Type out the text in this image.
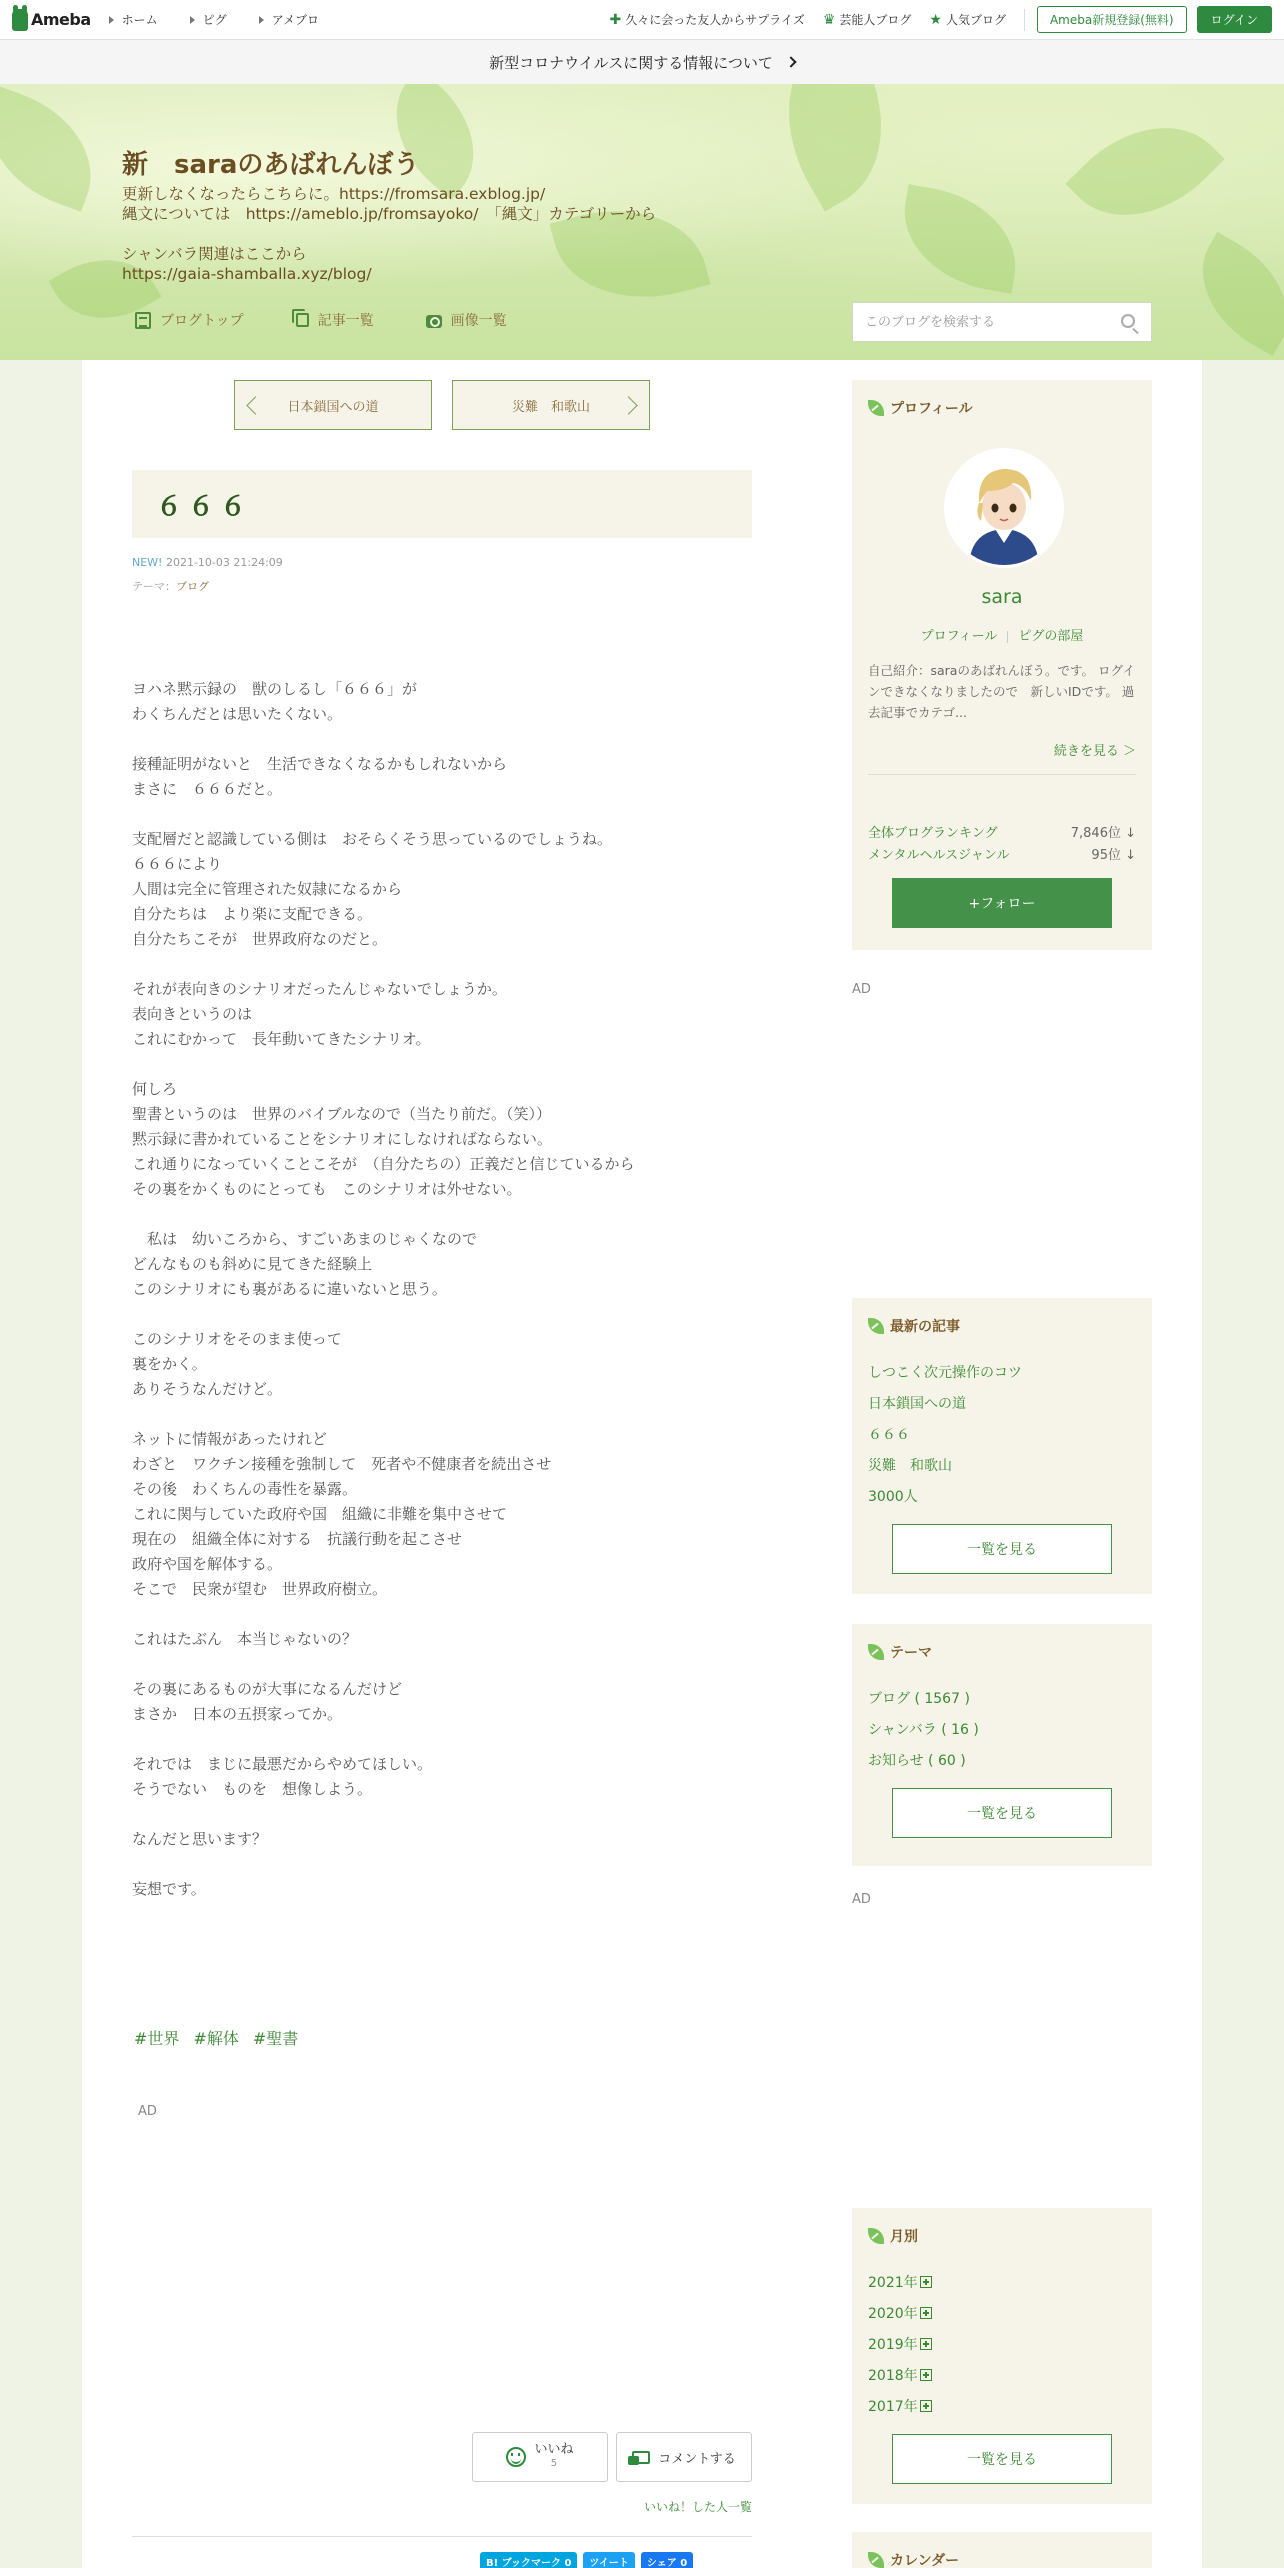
Ameba	ホーム	ピグ	アメブロ	✚ 久々に会った友人からサプライズ ♛ 芸能人ブログ ★ 人気ブログ	Ameba新規登録(無料)	ログイン
新型コロナウイルスに関する情報について
新　saraのあばれんぼう
更新しなくなったらこちらに。https://fromsara.exblog.jp/
縄文については　https://ameblo.jp/fromsayoko/　「縄文」カテゴリーから

シャンバラ関連はここから
https://gaia-shamballa.xyz/blog/
ブログトップ	記事一覧	画像一覧
このブログを検索する
日本鎖国への道	災難　和歌山
６６６
NEW! 2021-10-03 21:24:09
テーマ：ブログ

ヨハネ黙示録の　獣のしるし「６６６」が

わくちんだとは思いたくない。

接種証明がないと　生活できなくなるかもしれないから

まさに　６６６だと。

支配層だと認識している側は　おそらくそう思っているのでしょうね。

６６６により

人間は完全に管理された奴隷になるから

自分たちは　より楽に支配できる。

自分たちこそが　世界政府なのだと。

それが表向きのシナリオだったんじゃないでしょうか。

表向きというのは

これにむかって　長年動いてきたシナリオ。

何しろ

聖書というのは　世界のバイブルなので（当たり前だ。（笑））

黙示録に書かれていることをシナリオにしなければならない。

これ通りになっていくことこそが　（自分たちの）正義だと信じているから

その裏をかくものにとっても　このシナリオは外せない。

　私は　幼いころから、すごいあまのじゃくなので

どんなものも斜めに見てきた経験上

このシナリオにも裏があるに違いないと思う。

このシナリオをそのまま使って

裏をかく。

ありそうなんだけど。

ネットに情報があったけれど

わざと　ワクチン接種を強制して　死者や不健康者を続出させ

その後　わくちんの毒性を暴露。

これに関与していた政府や国　組織に非難を集中させて

現在の　組織全体に対する　抗議行動を起こさせ

政府や国を解体する。

そこで　民衆が望む　世界政府樹立。

これはたぶん　本当じゃないの？

その裏にあるものが大事になるんだけど

まさか　日本の五摂家ってか。

それでは　まじに最悪だからやめてほしい。

そうでない　ものを　想像しよう。

なんだと思います？

妄想です。

#世界 #解体 #聖書
AD
いいね
5	コメントする
いいね！した人一覧
B! ブックマーク 0	ツイート	シェア 0
プロフィール
sara
プロフィール ピグの部屋
自己紹介：saraのあばれんぼう。です。 ログインできなくなりましたので　新しいIDです。 過去記事でカテゴ...
続きを見る ＞
全体ブログランキング	7,846位 ↓
メンタルヘルスジャンル	95位 ↓
+フォロー
AD
最新の記事
しつこく次元操作のコツ
日本鎖国への道
６６６
災難　和歌山
3000人
一覧を見る
テーマ
ブログ ( 1567 )
シャンバラ ( 16 )
お知らせ ( 60 )
一覧を見る
AD
月別
2021年
2020年
2019年
2018年
2017年
一覧を見る
カレンダー
